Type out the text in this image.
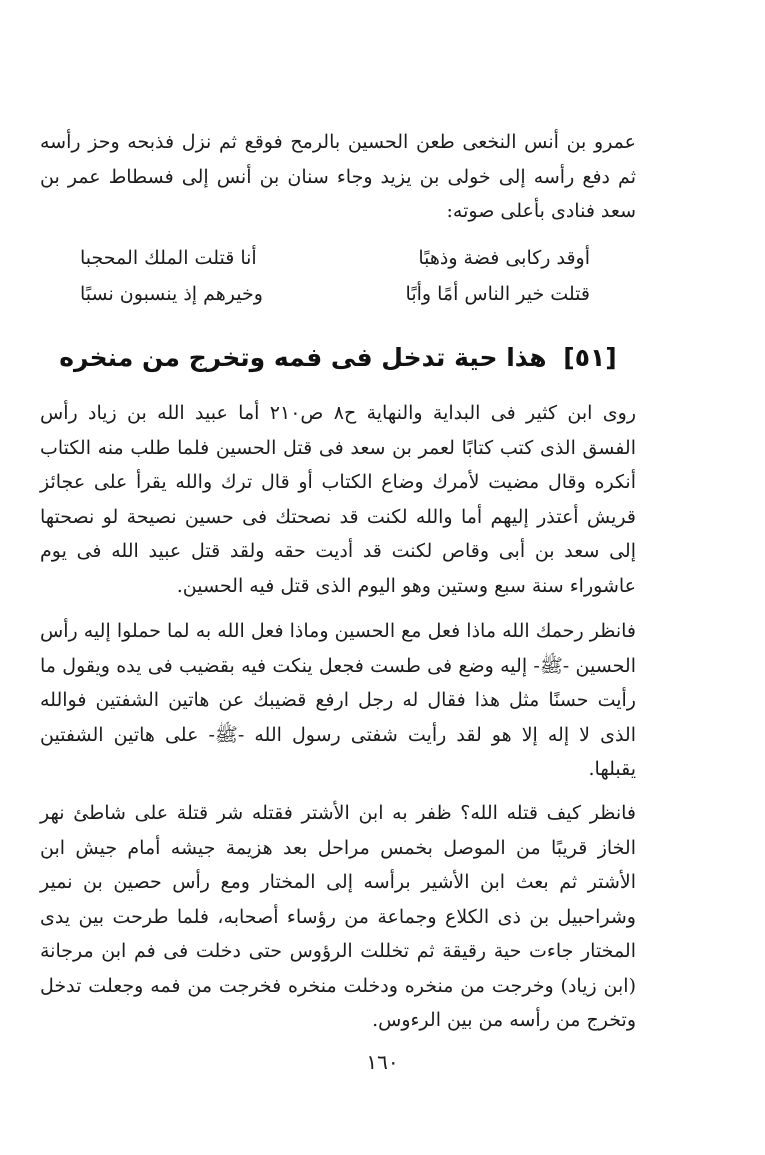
عمرو بن أنس النخعى طعن الحسين بالرمح فوقع ثم نزل فذبحه وحز رأسه ثم دفع رأسه إلى خولى بن يزيد وجاء سنان بن أنس إلى فسطاط عمر بن سعد فنادى بأعلى صوته:

أوقد ركابى فضة وذهبًا
أنا قتلت الملك المحجبا
قتلت خير الناس أمًا وأبًا
وخيرهم إذ ينسبون نسبًا
[٥١] هذا حية تدخل فى فمه وتخرج من منخره

روى ابن كثير فى البداية والنهاية ح٨ ص٢١٠ أما عبيد الله بن زياد رأس الفسق الذى كتب كتابًا لعمر بن سعد فى قتل الحسين فلما طلب منه الكتاب أنكره وقال مضيت لأمرك وضاع الكتاب أو قال ترك والله يقرأ على عجائز قريش أعتذر إليهم أما والله لكنت قد نصحتك فى حسين نصيحة لو نصحتها إلى سعد بن أبى وقاص لكنت قد أديت حقه ولقد قتل عبيد الله فى يوم عاشوراء سنة سبع وستين وهو اليوم الذى قتل فيه الحسين.

فانظر رحمك الله ماذا فعل مع الحسين وماذا فعل الله به لما حملوا إليه رأس الحسين -ﷺ- إليه وضع فى طست فجعل ينكت فيه بقضيب فى يده ويقول ما رأيت حسنًا مثل هذا فقال له رجل ارفع قضيبك عن هاتين الشفتين فوالله الذى لا إله إلا هو لقد رأيت شفتى رسول الله -ﷺ- على هاتين الشفتين يقبلها.

فانظر كيف قتله الله؟ ظفر به ابن الأشتر فقتله شر قتلة على شاطئ نهر الخاز قريبًا من الموصل بخمس مراحل بعد هزيمة جيشه أمام جيش ابن الأشتر ثم بعث ابن الأشير برأسه إلى المختار ومع رأس حصين بن نمير وشراحبيل بن ذى الكلاع وجماعة من رؤساء أصحابه، فلما طرحت بين يدى المختار جاءت حية رقيقة ثم تخللت الرؤوس حتى دخلت فى فم ابن مرجانة (ابن زياد) وخرجت من منخره ودخلت منخره فخرجت من فمه وجعلت تدخل وتخرج من رأسه من بين الرءوس.

١٦٠
